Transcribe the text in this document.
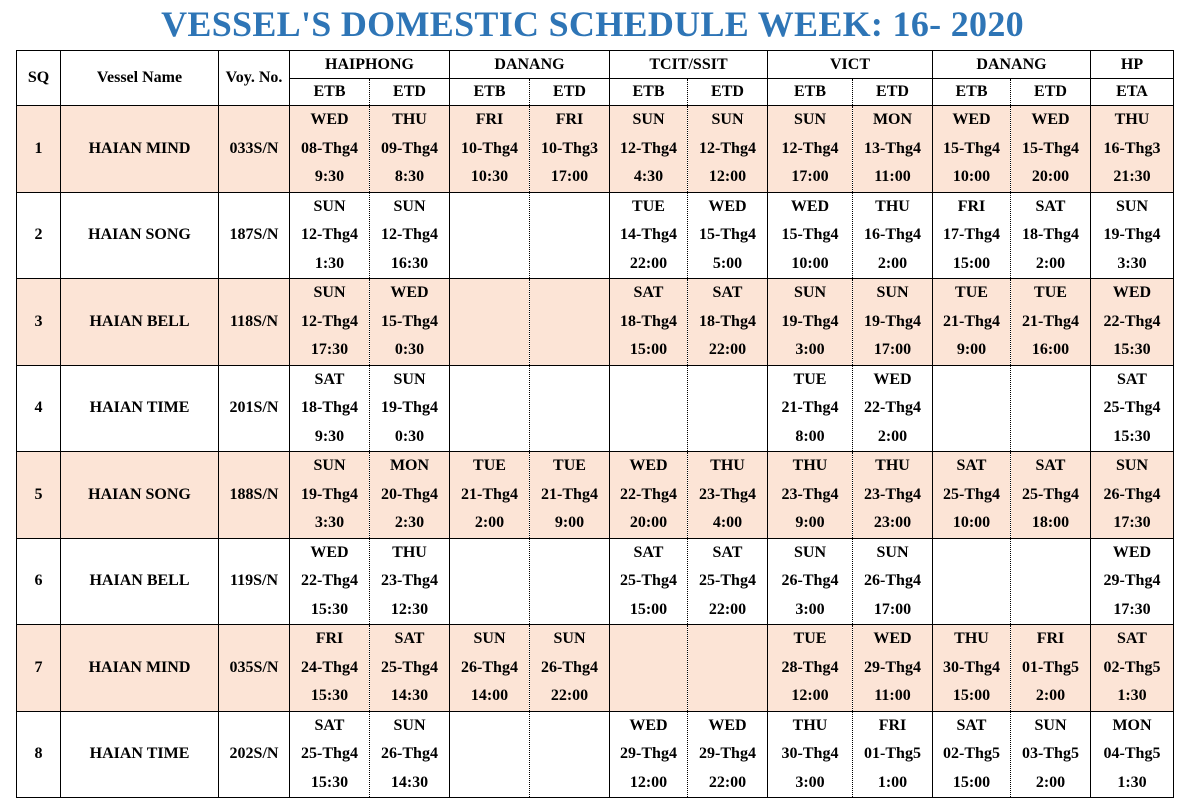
VESSEL'S DOMESTIC SCHEDULE WEEK: 16- 2020
SQ	Vessel Name	Voy. No.	HAIPHONG		DANANG		TCIT/SSIT		VICT		DANANG		HP
			ETB	ETD	ETB	ETD	ETB	ETD	ETB	ETD	ETB	ETD	ETA
1	HAIAN MIND	033S/N	WED
08-Thg4
9:30	THU
09-Thg4
8:30	FRI
10-Thg4
10:30	FRI
10-Thg3
17:00	SUN
12-Thg4
4:30	SUN
12-Thg4
12:00	SUN
12-Thg4
17:00	MON
13-Thg4
11:00	WED
15-Thg4
10:00	WED
15-Thg4
20:00	THU
16-Thg3
21:30

2	HAIAN SONG	187S/N	SUN
12-Thg4
1:30	SUN
12-Thg4
16:30			TUE
14-Thg4
22:00	WED
15-Thg4
5:00	WED
15-Thg4
10:00	THU
16-Thg4
2:00	FRI
17-Thg4
15:00	SAT
18-Thg4
2:00	SUN
19-Thg4
3:30

3	HAIAN BELL	118S/N	SUN
12-Thg4
17:30	WED
15-Thg4
0:30			SAT
18-Thg4
15:00	SAT
18-Thg4
22:00	SUN
19-Thg4
3:00	SUN
19-Thg4
17:00	TUE
21-Thg4
9:00	TUE
21-Thg4
16:00	WED
22-Thg4
15:30

4	HAIAN TIME	201S/N	SAT
18-Thg4
9:30	SUN
19-Thg4
0:30					TUE
21-Thg4
8:00	WED
22-Thg4
2:00			SAT
25-Thg4
15:30

5	HAIAN SONG	188S/N	SUN
19-Thg4
3:30	MON
20-Thg4
2:30	TUE
21-Thg4
2:00	TUE
21-Thg4
9:00	WED
22-Thg4
20:00	THU
23-Thg4
4:00	THU
23-Thg4
9:00	THU
23-Thg4
23:00	SAT
25-Thg4
10:00	SAT
25-Thg4
18:00	SUN
26-Thg4
17:30

6	HAIAN BELL	119S/N	WED
22-Thg4
15:30	THU
23-Thg4
12:30			SAT
25-Thg4
15:00	SAT
25-Thg4
22:00	SUN
26-Thg4
3:00	SUN
26-Thg4
17:00			WED
29-Thg4
17:30

7	HAIAN MIND	035S/N	FRI
24-Thg4
15:30	SAT
25-Thg4
14:30	SUN
26-Thg4
14:00	SUN
26-Thg4
22:00			TUE
28-Thg4
12:00	WED
29-Thg4
11:00	THU
30-Thg4
15:00	FRI
01-Thg5
2:00	SAT
02-Thg5
1:30

8	HAIAN TIME	202S/N	SAT
25-Thg4
15:30	SUN
26-Thg4
14:30			WED
29-Thg4
12:00	WED
29-Thg4
22:00	THU
30-Thg4
3:00	FRI
01-Thg5
1:00	SAT
02-Thg5
15:00	SUN
03-Thg5
2:00	MON
04-Thg5
1:30
